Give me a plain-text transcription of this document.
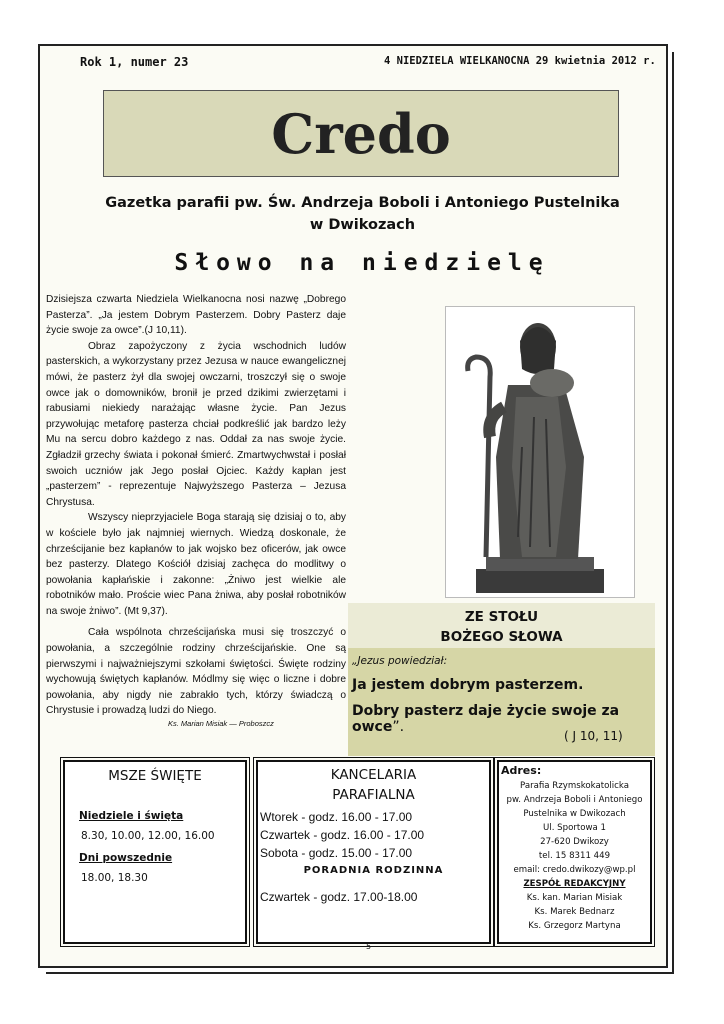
Rok 1, numer 23	4 NIEDZIELA WIELKANOCNA 29 kwietnia 2012 r.
Credo
Gazetka parafii pw. Św. Andrzeja Boboli i Antoniego Pustelnika
w Dwikozach
Słowo na niedzielę

Dzisiejsza czwarta Niedziela Wielkanocna nosi nazwę „Dobrego Pasterza”. „Ja jestem Dobrym Pasterzem. Dobry Pasterz daje życie swoje za owce”.(J 10,11).

Obraz zapożyczony z życia wschodnich ludów pasterskich, a wykorzystany przez Jezusa w nauce ewangelicznej mówi, że pasterz żył dla swojej owczarni, troszczył się o swoje owce jak o domowników, bronił je przed dzikimi zwierzętami i rabusiami niekiedy narażając własne życie. Pan Jezus przywołując metaforę pasterza chciał podkreślić jak bardzo leży Mu na sercu dobro każdego z nas. Oddał za nas swoje życie. Zgładził grzechy świata i pokonał śmierć. Zmartwychwstał i posłał swoich uczniów jak Jego posłał Ojciec. Każdy kapłan jest „pasterzem” - reprezentuje Najwyższego Pasterza – Jezusa Chrystusa.

Wszyscy nieprzyjaciele Boga starają się dzisiaj o to, aby w kościele było jak najmniej wiernych. Wiedzą doskonale, że chrześcijanie bez kapłanów to jak wojsko bez oficerów, jak owce bez pasterzy. Dlatego Kościół dzisiaj zachęca do modlitwy o powołania kapłańskie i zakonne: „Żniwo jest wielkie ale robotników mało. Proście wiec Pana żniwa, aby posłał robotników na swoje żniwo”. (Mt 9,37).

Cała wspólnota chrześcijańska musi się troszczyć o powołania, a szczególnie rodziny chrześcijańskie. One są pierwszymi i najważniejszymi szkołami świętości. Święte rodziny wychowują świętych kapłanów. Módlmy się więc o liczne i dobre powołania, aby nigdy nie zabrakło tych, którzy świadczą o Chrystusie i prowadzą ludzi do Niego.

Ks. Marian Misiak — Proboszcz
ZE STOŁU
BOŻEGO SŁOWA
„Jezus powiedział:
Ja jestem dobrym pasterzem.
Dobry pasterz daje życie swoje za owce”.
( J 10, 11)
MSZE ŚWIĘTE
Niedziele i święta
8.30, 10.00, 12.00, 16.00
Dni powszednie
18.00, 18.30
KANCELARIA
PARAFIALNA
Wtorek - godz. 16.00 - 17.00
Czwartek - godz. 16.00 - 17.00
Sobota - godz. 15.00 - 17.00
PORADNIA RODZINNA
Czwartek - godz. 17.00-18.00
Adres:
Parafia Rzymskokatolicka
pw. Andrzeja Boboli i Antoniego
Pustelnika w Dwikozach
Ul. Sportowa 1
27-620 Dwikozy
tel. 15 8311 449
email: credo.dwikozy@wp.pl
ZESPÓŁ REDAKCYJNY
Ks. kan. Marian Misiak
Ks. Marek Bednarz
Ks. Grzegorz Martyna
5
